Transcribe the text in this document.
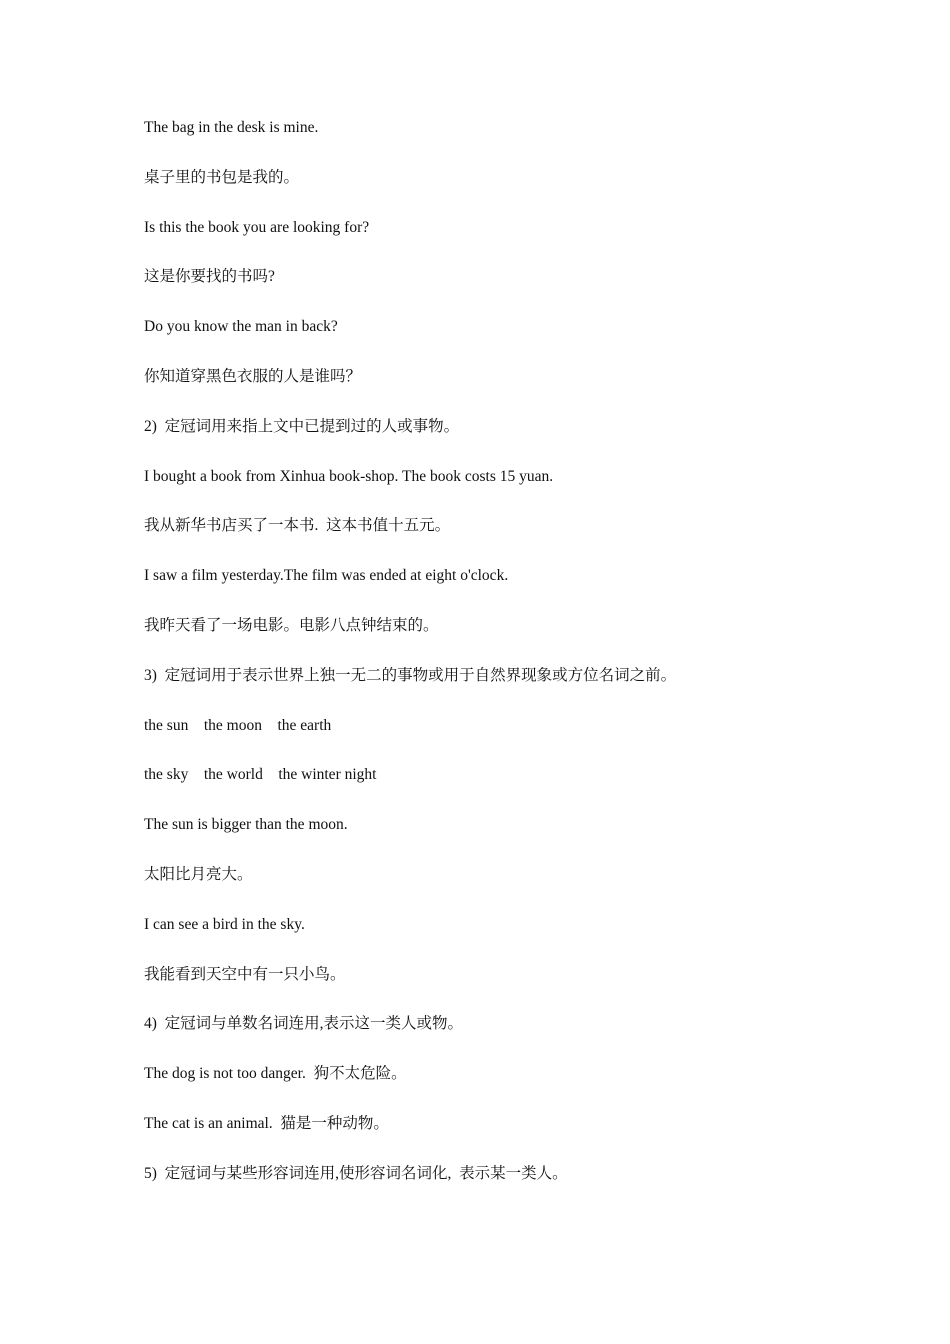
The bag in the desk is mine.
桌子里的书包是我的。
Is this the book you are looking for?
这是你要找的书吗?
Do you know the man in back?
你知道穿黑色衣服的人是谁吗？
2)  定冠词用来指上文中已提到过的人或事物。
I bought a book from Xinhua book-shop. The book costs 15 yuan.
我从新华书店买了一本书.  这本书值十五元。
I saw a film yesterday.The film was ended at eight o'clock.
我昨天看了一场电影。电影八点钟结束的。
3)  定冠词用于表示世界上独一无二的事物或用于自然界现象或方位名词之前。
the sun    the moon    the earth
the sky    the world    the winter night
The sun is bigger than the moon.
太阳比月亮大。
I can see a bird in the sky.
我能看到天空中有一只小鸟。
4)  定冠词与单数名词连用,表示这一类人或物。
The dog is not too danger.  狗不太危险。
The cat is an animal.  猫是一种动物。
5)  定冠词与某些形容词连用,使形容词名词化,  表示某一类人。
